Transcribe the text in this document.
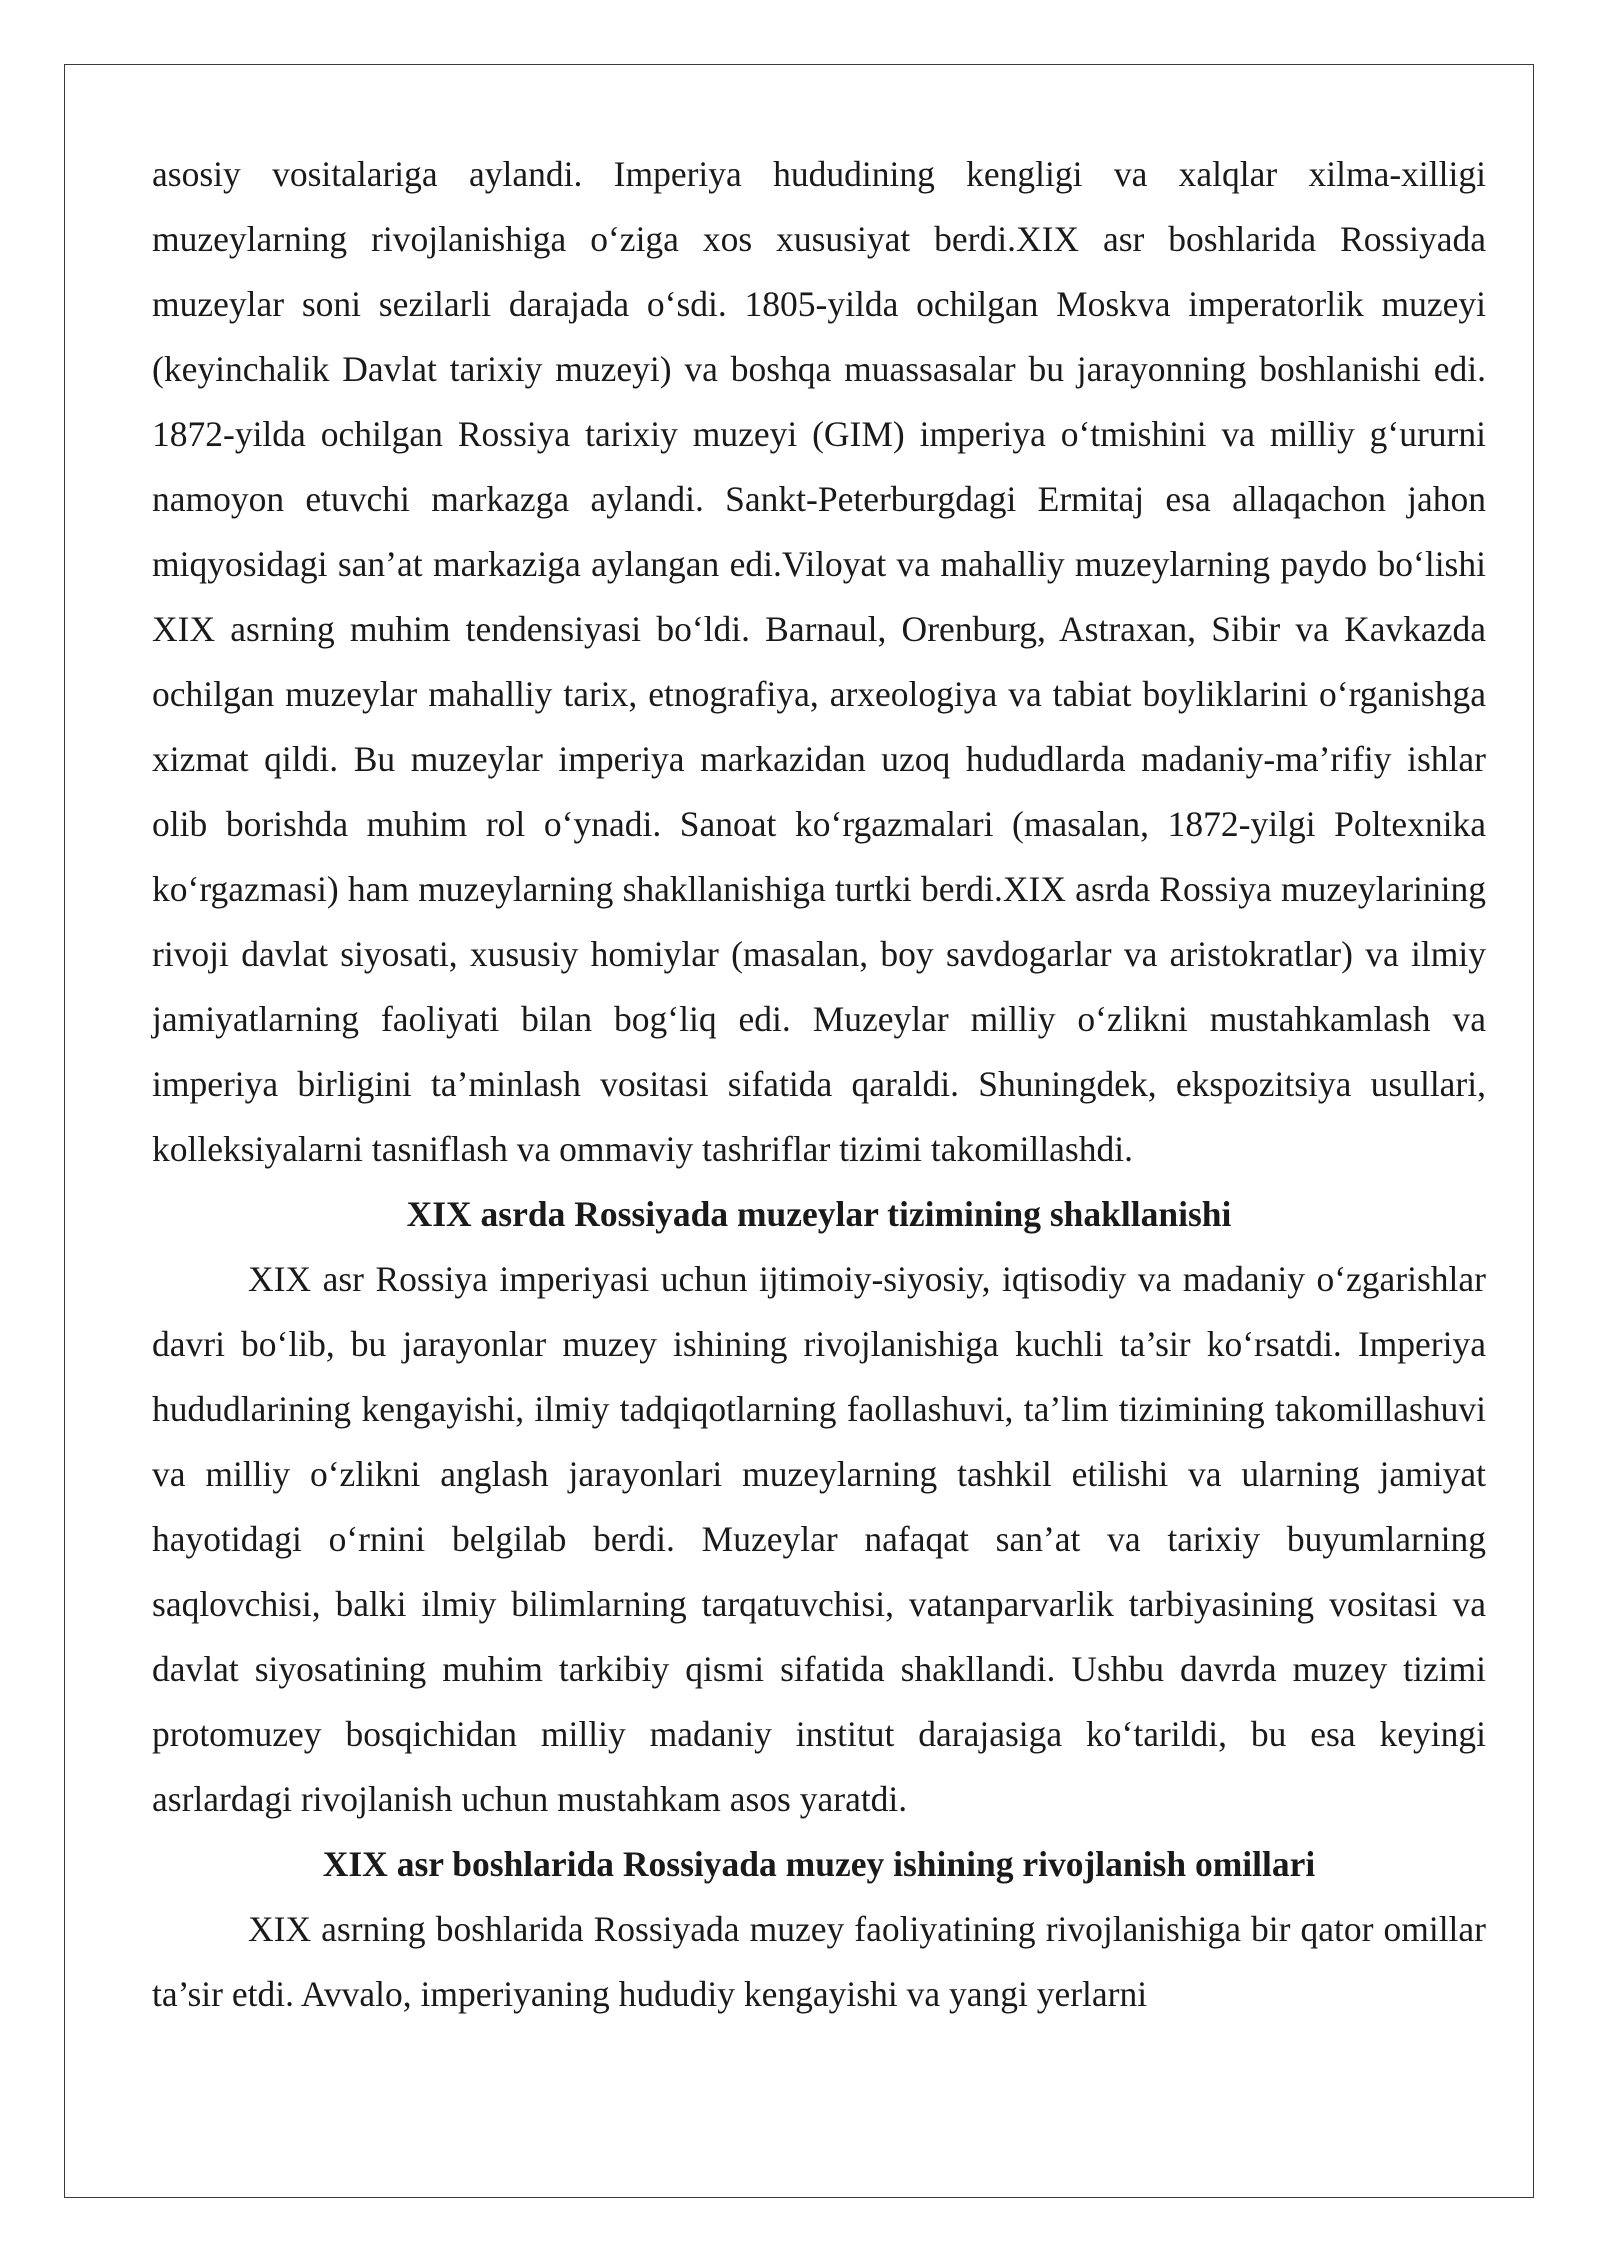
asosiy vositalariga aylandi. Imperiya hududining kengligi va xalqlar xilma-xilligi muzeylarning rivojlanishiga o‘ziga xos xususiyat berdi.XIX asr boshlarida Rossiyada muzeylar soni sezilarli darajada o‘sdi. 1805-yilda ochilgan Moskva imperatorlik muzeyi (keyinchalik Davlat tarixiy muzeyi) va boshqa muassasalar bu jarayonning boshlanishi edi. 1872-yilda ochilgan Rossiya tarixiy muzeyi (GIM) imperiya o‘tmishini va milliy g‘ururni namoyon etuvchi markazga aylandi. Sankt-Peterburgdagi Ermitaj esa allaqachon jahon miqyosidagi san’at markaziga aylangan edi.Viloyat va mahalliy muzeylarning paydo bo‘lishi XIX asrning muhim tendensiyasi bo‘ldi. Barnaul, Orenburg, Astraxan, Sibir va Kavkazda ochilgan muzeylar mahalliy tarix, etnografiya, arxeologiya va tabiat boyliklarini o‘rganishga xizmat qildi. Bu muzeylar imperiya markazidan uzoq hududlarda madaniy-ma’rifiy ishlar olib borishda muhim rol o‘ynadi. Sanoat ko‘rgazmalari (masalan, 1872-yilgi Poltexnika ko‘rgazmasi) ham muzeylarning shakllanishiga turtki berdi.XIX asrda Rossiya muzeylarining rivoji davlat siyosati, xususiy homiylar (masalan, boy savdogarlar va aristokratlar) va ilmiy jamiyatlarning faoliyati bilan bog‘liq edi. Muzeylar milliy o‘zlikni mustahkamlash va imperiya birligini ta’minlash vositasi sifatida qaraldi. Shuningdek, ekspozitsiya usullari, kolleksiyalarni tasniflash va ommaviy tashriflar tizimi takomillashdi.

XIX asrda Rossiyada muzeylar tizimining shakllanishi

XIX asr Rossiya imperiyasi uchun ijtimoiy-siyosiy, iqtisodiy va madaniy o‘zgarishlar davri bo‘lib, bu jarayonlar muzey ishining rivojlanishiga kuchli ta’sir ko‘rsatdi. Imperiya hududlarining kengayishi, ilmiy tadqiqotlarning faollashuvi, ta’lim tizimining takomillashuvi va milliy o‘zlikni anglash jarayonlari muzeylarning tashkil etilishi va ularning jamiyat hayotidagi o‘rnini belgilab berdi. Muzeylar nafaqat san’at va tarixiy buyumlarning saqlovchisi, balki ilmiy bilimlarning tarqatuvchisi, vatanparvarlik tarbiyasining vositasi va davlat siyosatining muhim tarkibiy qismi sifatida shakllandi. Ushbu davrda muzey tizimi protomuzey bosqichidan milliy madaniy institut darajasiga ko‘tarildi, bu esa keyingi asrlardagi rivojlanish uchun mustahkam asos yaratdi.

XIX asr boshlarida Rossiyada muzey ishining rivojlanish omillari

XIX asrning boshlarida Rossiyada muzey faoliyatining rivojlanishiga bir qator omillar ta’sir etdi. Avvalo, imperiyaning hududiy kengayishi va yangi yerlarni
